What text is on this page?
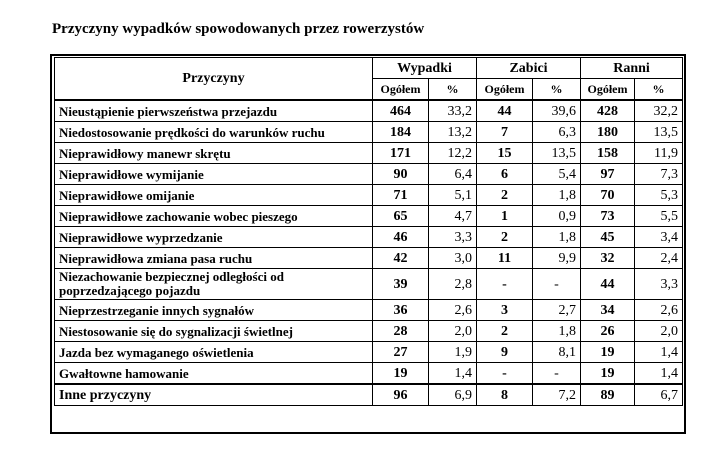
Przyczyny wypadków spowodowanych przez rowerzystów
Przyczyny	Wypadki		Zabici		Ranni	
	Ogółem	%	Ogółem	%	Ogółem	%
Nieustąpienie pierwszeństwa przejazdu	464	33,2	44	39,6	428	32,2
Niedostosowanie prędkości do warunków ruchu	184	13,2	7	6,3	180	13,5
Nieprawidłowy manewr skrętu	171	12,2	15	13,5	158	11,9
Nieprawidłowe wymijanie	90	6,4	6	5,4	97	7,3
Nieprawidłowe omijanie	71	5,1	2	1,8	70	5,3
Nieprawidłowe zachowanie wobec pieszego	65	4,7	1	0,9	73	5,5
Nieprawidłowe wyprzedzanie	46	3,3	2	1,8	45	3,4
Nieprawidłowa zmiana pasa ruchu	42	3,0	11	9,9	32	2,4
Niezachowanie bezpiecznej odległości od poprzedzającego pojazdu	39	2,8	-	-	44	3,3
Nieprzestrzeganie innych sygnałów	36	2,6	3	2,7	34	2,6
Niestosowanie się do sygnalizacji świetlnej	28	2,0	2	1,8	26	2,0
Jazda bez wymaganego oświetlenia	27	1,9	9	8,1	19	1,4
Gwałtowne hamowanie	19	1,4	-	-	19	1,4
Inne przyczyny	96	6,9	8	7,2	89	6,7
